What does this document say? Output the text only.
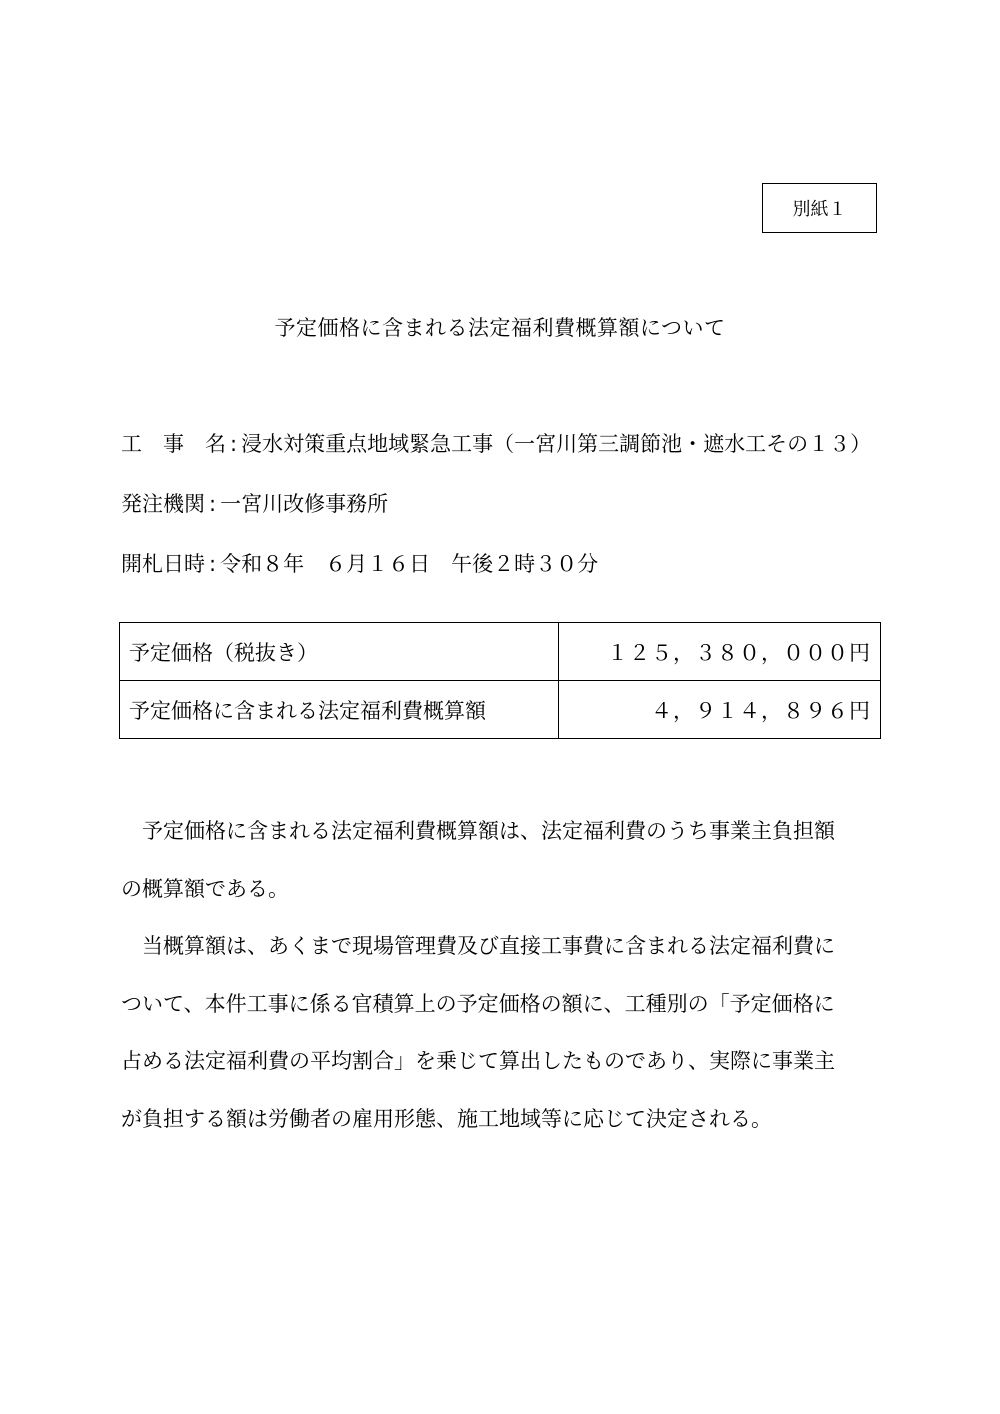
別紙１
予定価格に含まれる法定福利費概算額について
工　事　名 : 浸水対策重点地域緊急工事（一宮川第三調節池・遮水工その１３）
発注機関 : 一宮川改修事務所
開札日時 : 令和８年　６月１６日　午後２時３０分
予定価格（税抜き）	１２５，３８０，０００円
予定価格に含まれる法定福利費概算額	４，９１４，８９６円
　予定価格に含まれる法定福利費概算額は、法定福利費のうち事業主負担額
の概算額である。
　当概算額は、あくまで現場管理費及び直接工事費に含まれる法定福利費に
ついて、本件工事に係る官積算上の予定価格の額に、工種別の「予定価格に
占める法定福利費の平均割合」を乗じて算出したものであり、実際に事業主
が負担する額は労働者の雇用形態、施工地域等に応じて決定される。
